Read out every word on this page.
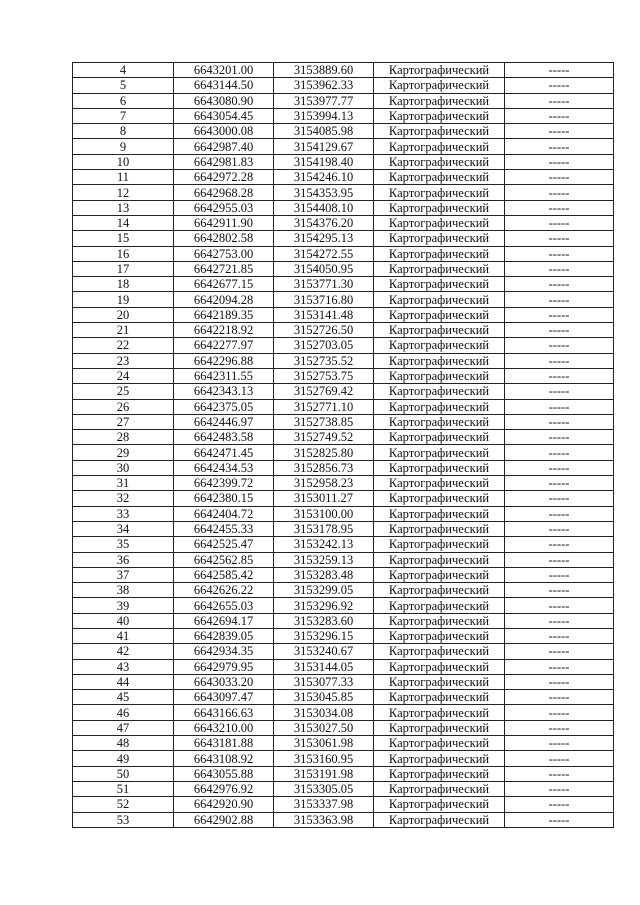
4	6643201.00	3153889.60	Картографический	-----
5	6643144.50	3153962.33	Картографический	-----
6	6643080.90	3153977.77	Картографический	-----
7	6643054.45	3153994.13	Картографический	-----
8	6643000.08	3154085.98	Картографический	-----
9	6642987.40	3154129.67	Картографический	-----
10	6642981.83	3154198.40	Картографический	-----
11	6642972.28	3154246.10	Картографический	-----
12	6642968.28	3154353.95	Картографический	-----
13	6642955.03	3154408.10	Картографический	-----
14	6642911.90	3154376.20	Картографический	-----
15	6642802.58	3154295.13	Картографический	-----
16	6642753.00	3154272.55	Картографический	-----
17	6642721.85	3154050.95	Картографический	-----
18	6642677.15	3153771.30	Картографический	-----
19	6642094.28	3153716.80	Картографический	-----
20	6642189.35	3153141.48	Картографический	-----
21	6642218.92	3152726.50	Картографический	-----
22	6642277.97	3152703.05	Картографический	-----
23	6642296.88	3152735.52	Картографический	-----
24	6642311.55	3152753.75	Картографический	-----
25	6642343.13	3152769.42	Картографический	-----
26	6642375.05	3152771.10	Картографический	-----
27	6642446.97	3152738.85	Картографический	-----
28	6642483.58	3152749.52	Картографический	-----
29	6642471.45	3152825.80	Картографический	-----
30	6642434.53	3152856.73	Картографический	-----
31	6642399.72	3152958.23	Картографический	-----
32	6642380.15	3153011.27	Картографический	-----
33	6642404.72	3153100.00	Картографический	-----
34	6642455.33	3153178.95	Картографический	-----
35	6642525.47	3153242.13	Картографический	-----
36	6642562.85	3153259.13	Картографический	-----
37	6642585.42	3153283.48	Картографический	-----
38	6642626.22	3153299.05	Картографический	-----
39	6642655.03	3153296.92	Картографический	-----
40	6642694.17	3153283.60	Картографический	-----
41	6642839.05	3153296.15	Картографический	-----
42	6642934.35	3153240.67	Картографический	-----
43	6642979.95	3153144.05	Картографический	-----
44	6643033.20	3153077.33	Картографический	-----
45	6643097.47	3153045.85	Картографический	-----
46	6643166.63	3153034.08	Картографический	-----
47	6643210.00	3153027.50	Картографический	-----
48	6643181.88	3153061.98	Картографический	-----
49	6643108.92	3153160.95	Картографический	-----
50	6643055.88	3153191.98	Картографический	-----
51	6642976.92	3153305.05	Картографический	-----
52	6642920.90	3153337.98	Картографический	-----
53	6642902.88	3153363.98	Картографический	-----
